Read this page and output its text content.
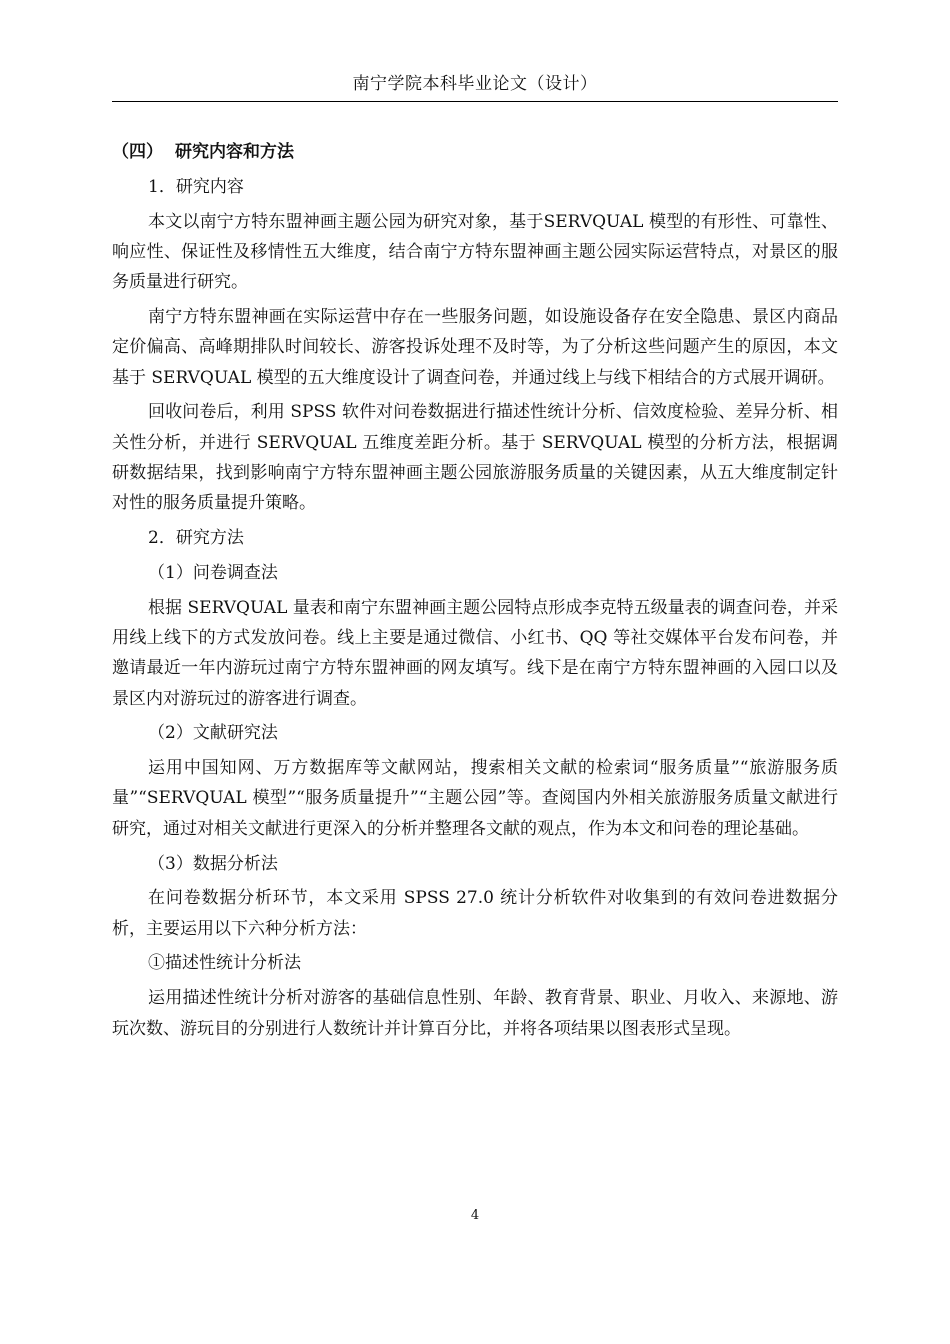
南宁学院本科毕业论文（设计）
（四） 研究内容和方法

1．研究内容

本文以南宁方特东盟神画主题公园为研究对象，基于SERVQUAL 模型的有形性、可靠性、响应性、保证性及移情性五大维度，结合南宁方特东盟神画主题公园实际运营特点，对景区的服务质量进行研究。

南宁方特东盟神画在实际运营中存在一些服务问题，如设施设备存在安全隐患、景区内商品定价偏高、高峰期排队时间较长、游客投诉处理不及时等，为了分析这些问题产生的原因，本文基于 SERVQUAL 模型的五大维度设计了调查问卷，并通过线上与线下相结合的方式展开调研。

回收问卷后，利用 SPSS 软件对问卷数据进行描述性统计分析、信效度检验、差异分析、相关性分析，并进行 SERVQUAL 五维度差距分析。基于 SERVQUAL 模型的分析方法，根据调研数据结果，找到影响南宁方特东盟神画主题公园旅游服务质量的关键因素，从五大维度制定针对性的服务质量提升策略。

2．研究方法

（1）问卷调查法

根据 SERVQUAL 量表和南宁东盟神画主题公园特点形成李克特五级量表的调查问卷，并采用线上线下的方式发放问卷。线上主要是通过微信、小红书、QQ 等社交媒体平台发布问卷，并邀请最近一年内游玩过南宁方特东盟神画的网友填写。线下是在南宁方特东盟神画的入园口以及景区内对游玩过的游客进行调查。

（2）文献研究法

运用中国知网、万方数据库等文献网站，搜索相关文献的检索词“服务质量”“旅游服务质量”“SERVQUAL 模型”“服务质量提升”“主题公园”等。查阅国内外相关旅游服务质量文献进行研究，通过对相关文献进行更深入的分析并整理各文献的观点，作为本文和问卷的理论基础。

（3）数据分析法

在问卷数据分析环节，本文采用 SPSS 27.0 统计分析软件对收集到的有效问卷进数据分析，主要运用以下六种分析方法：

①描述性统计分析法

运用描述性统计分析对游客的基础信息性别、年龄、教育背景、职业、月收入、来源地、游玩次数、游玩目的分别进行人数统计并计算百分比，并将各项结果以图表形式呈现。

4
